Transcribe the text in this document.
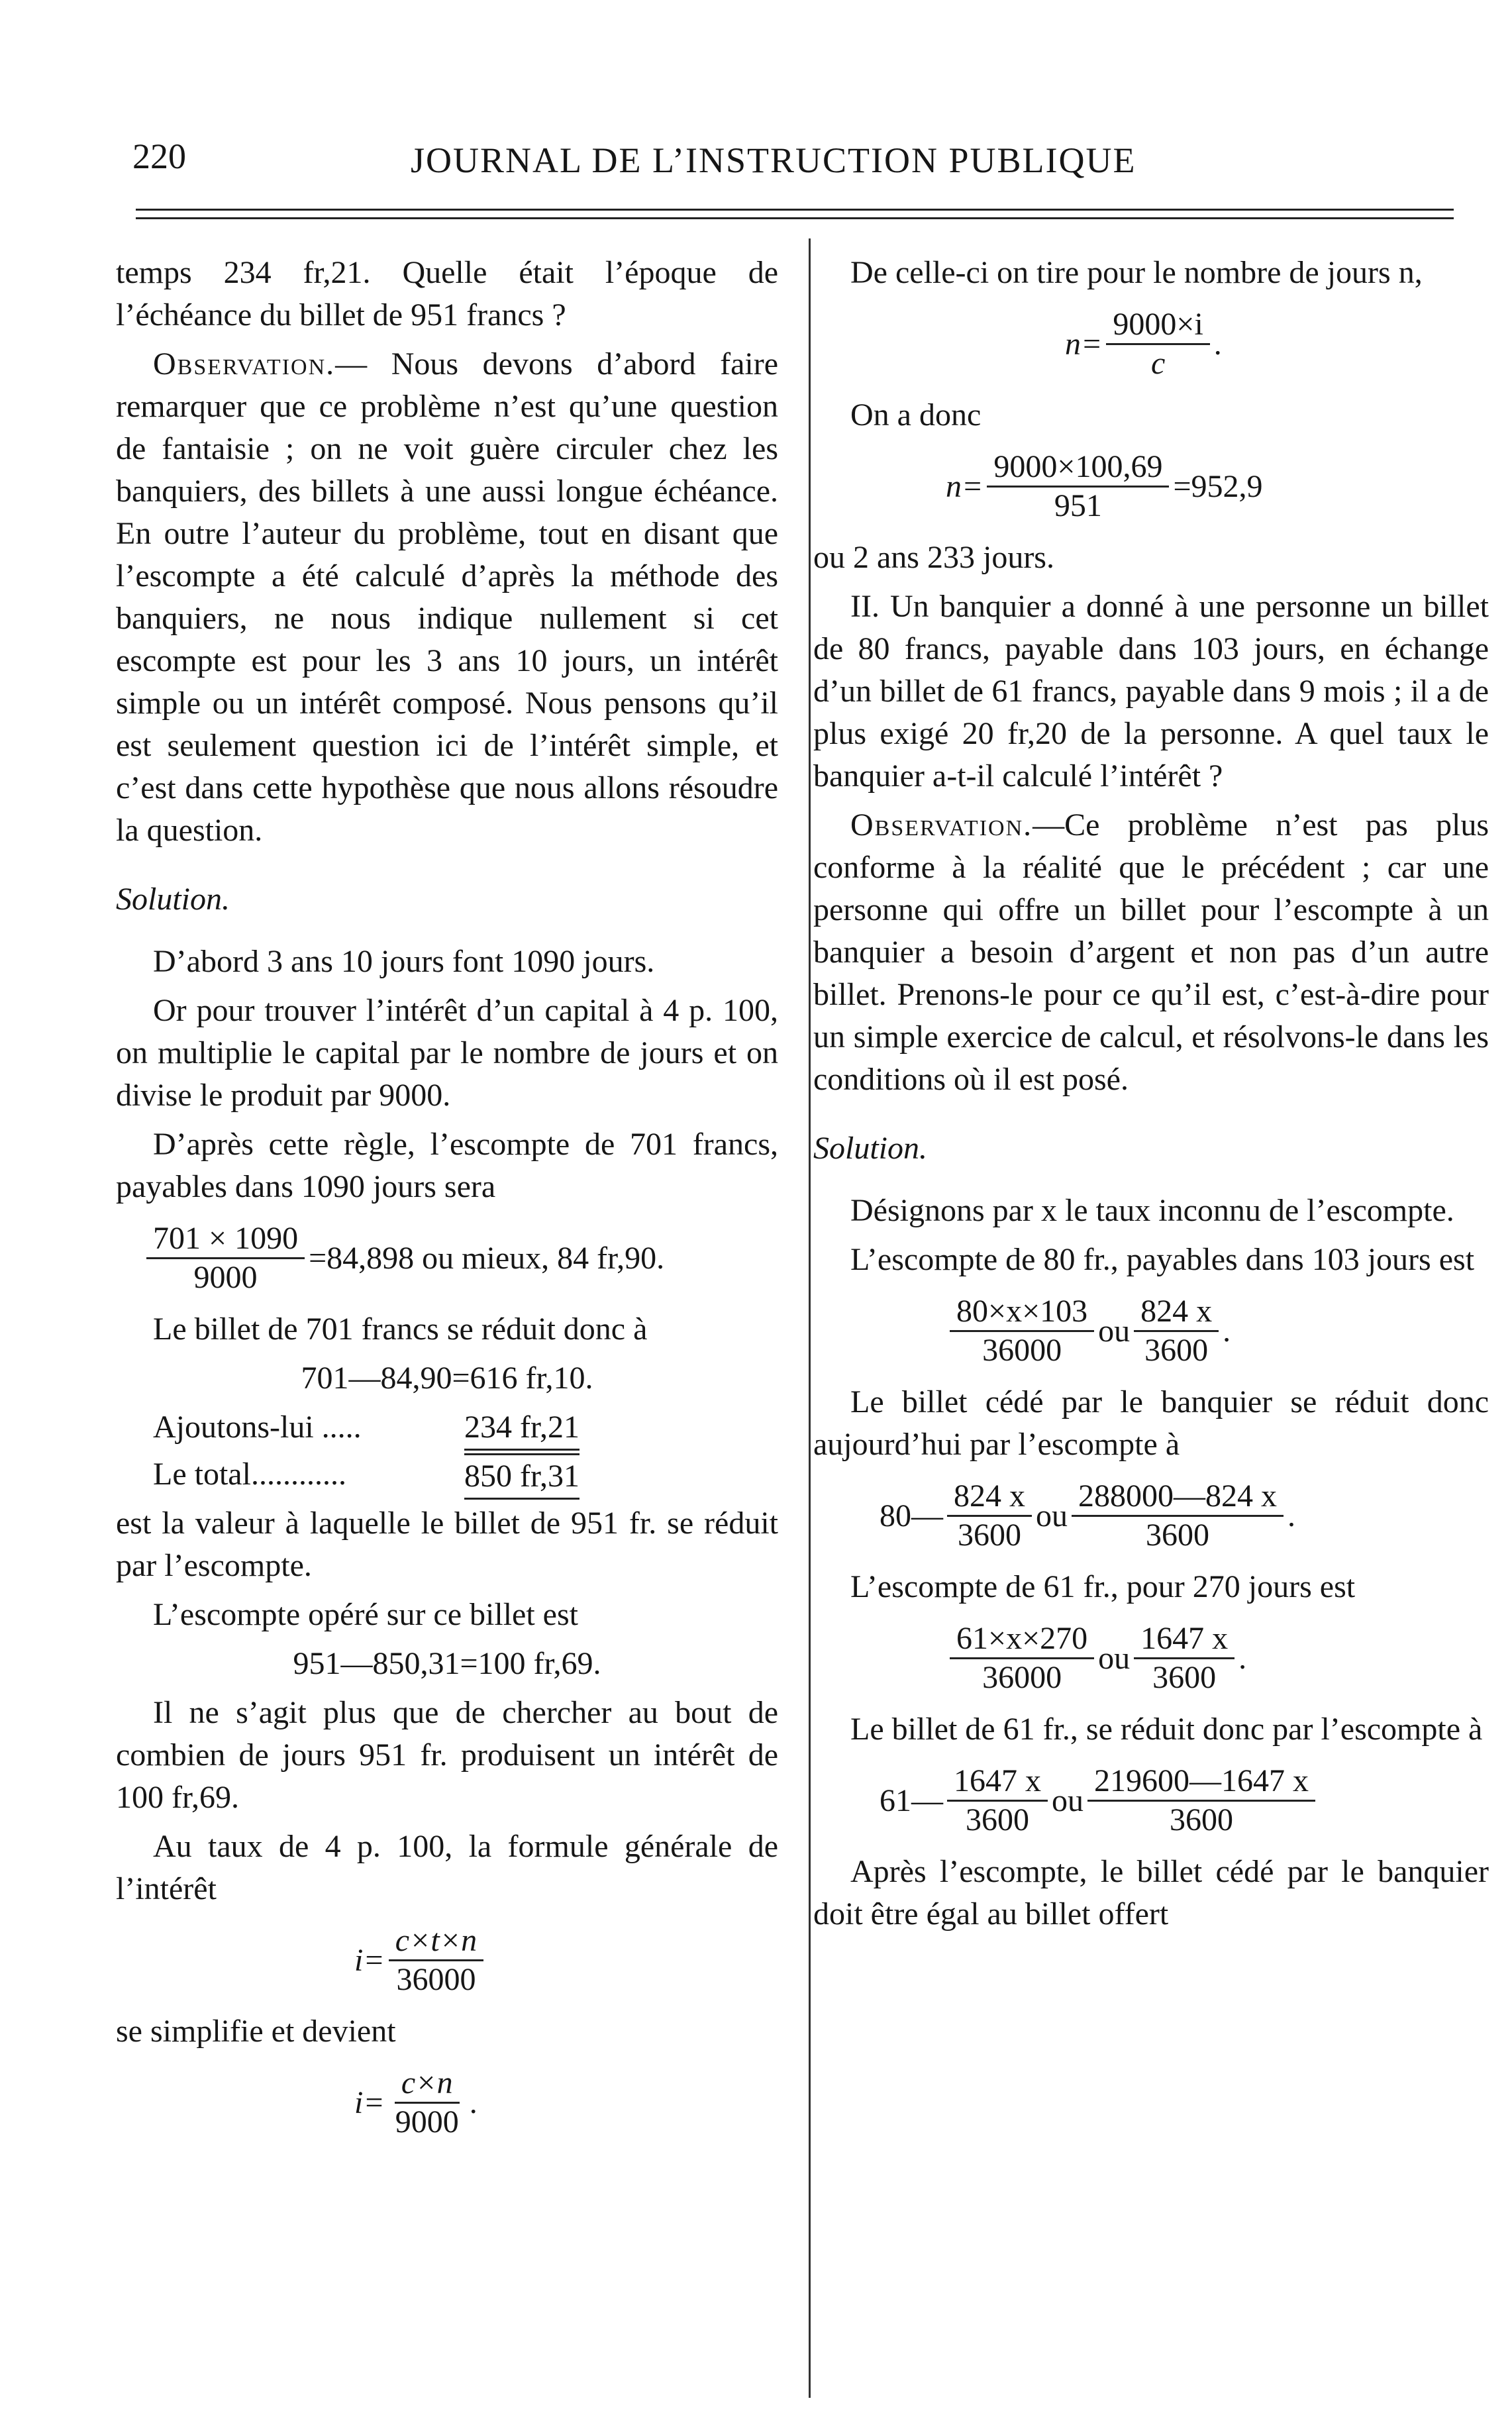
220	JOURNAL DE L’INSTRUCTION PUBLIQUE

temps 234 fr,21. Quelle était l’époque de l’échéance du billet de 951 francs ?

Observation.— Nous devons d’abord faire remarquer que ce problème n’est qu’une question de fantaisie ; on ne voit guère circuler chez les banquiers, des billets à une aussi longue échéance. En outre l’auteur du problème, tout en disant que l’escompte a été calculé d’après la méthode des banquiers, ne nous indique nullement si cet escompte est pour les 3 ans 10 jours, un intérêt simple ou un intérêt composé. Nous pensons qu’il est seulement question ici de l’intérêt simple, et c’est dans cette hypothèse que nous allons résoudre la question.

Solution.

D’abord 3 ans 10 jours font 1090 jours.

Or pour trouver l’intérêt d’un capital à 4 p. 100, on multiplie le capital par le nombre de jours et on divise le produit par 9000.

D’après cette règle, l’escompte de 701 francs, payables dans 1090 jours sera

$\frac{701 \times 1090}{9000} =84,898$ ou mieux, 84 fr,90.

Le billet de 701 francs se réduit donc à

701—84,90=616 fr,10.

Ajoutons-lui .....	234 fr,21
Le total............	850 fr,31

est la valeur à laquelle le billet de 951 fr. se réduit par l’escompte.

L’escompte opéré sur ce billet est

951—850,31=100 fr,69.

Il ne s’agit plus que de chercher au bout de combien de jours 951 fr. produisent un intérêt de 100 fr,69.

Au taux de 4 p. 100, la formule générale de l’intérêt

$i= \frac{c\times t\times n}{36000}$

se simplifie et devient

$i= \frac{c\times n}{9000}$ .

De celle-ci on tire pour le nombre de jours n,

$n= \frac{9000\times i}{c}$ .

On a donc

$n= \frac{9000\times 100,69}{951} =952,9$

ou 2 ans 233 jours.

II. Un banquier a donné à une personne un billet de 80 francs, payable dans 103 jours, en échange d’un billet de 61 francs, payable dans 9 mois ; il a de plus exigé 20 fr,20 de la personne. A quel taux le banquier a-t-il calculé l’intérêt ?

Observation.—Ce problème n’est pas plus conforme à la réalité que le précédent ; car une personne qui offre un billet pour l’escompte à un banquier a besoin d’argent et non pas d’un autre billet. Prenons-le pour ce qu’il est, c’est-à-dire pour un simple exercice de calcul, et résolvons-le dans les conditions où il est posé.

Solution.

Désignons par x le taux inconnu de l’escompte.

L’escompte de 80 fr., payables dans 103 jours est

$\frac{80\times x\times 103}{36000}$ ou $\frac{824 x}{3600}$ .

Le billet cédé par le banquier se réduit donc aujourd’hui par l’escompte à

80— $\frac{824 x}{3600}$ ou $\frac{288000—824 x}{3600}$ .

L’escompte de 61 fr., pour 270 jours est

$\frac{61\times x\times 270}{36000}$ ou $\frac{1647 x}{3600}$ .

Le billet de 61 fr., se réduit donc par l’escompte à

61— $\frac{1647 x}{3600}$ ou $\frac{219600—1647 x}{3600}$

Après l’escompte, le billet cédé par le banquier doit être égal au billet offert
